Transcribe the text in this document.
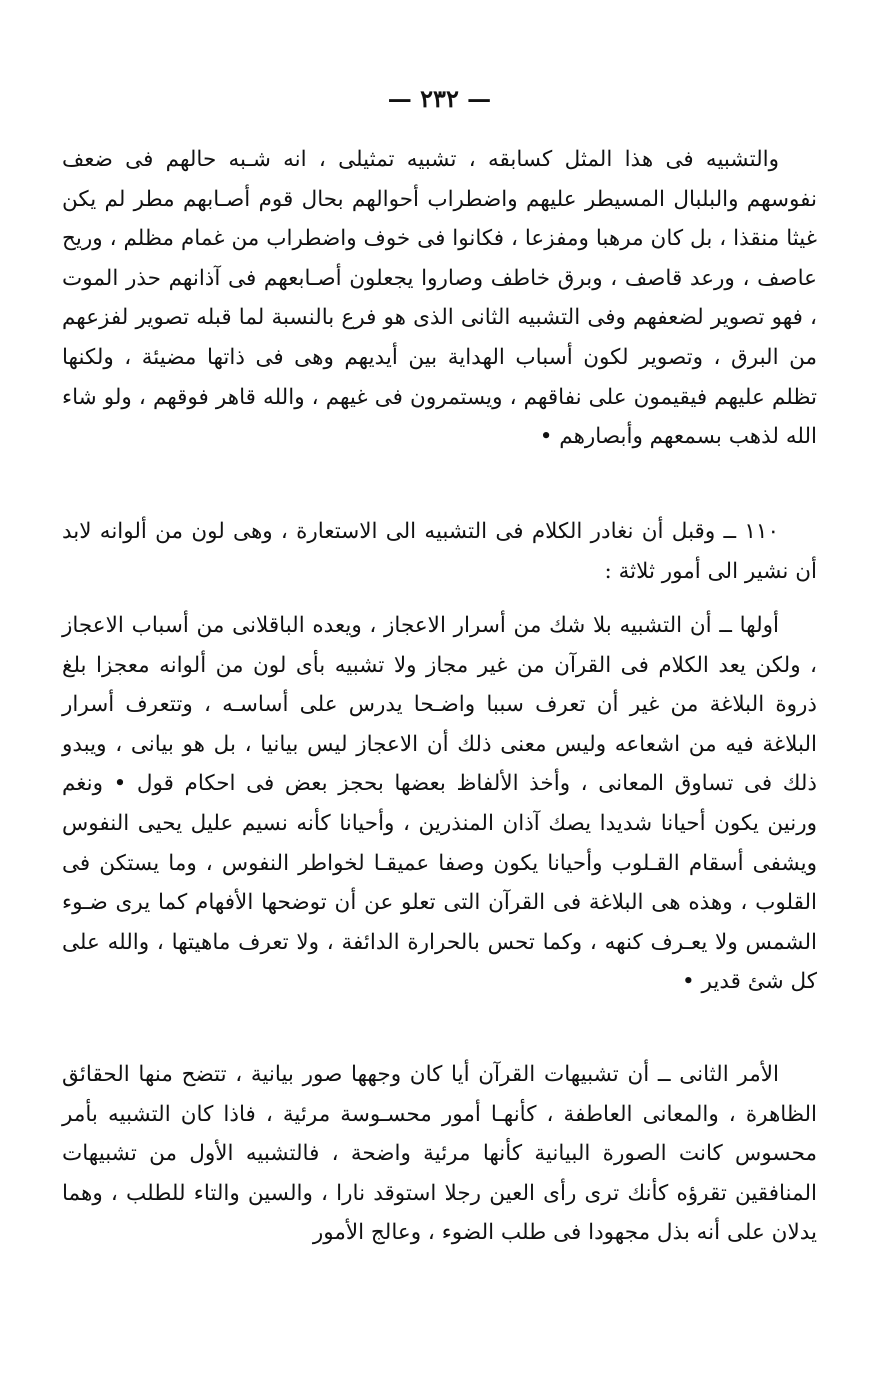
— ٢٣٢ —

والتشبيه فى هذا المثل كسابقه ، تشبيه تمثيلى ، انه شـبه حالهم فى ضعف نفوسهم والبلبال المسيطر عليهم واضطراب أحوالهم بحال قوم أصـابهم مطر لم يكن غيثا منقذا ، بل كان مرهبا ومفزعا ، فكانوا فى خوف واضطراب من غمام مظلم ، وريح عاصف ، ورعد قاصف ، وبرق خاطف وصاروا يجعلون أصـابعهم فى آذانهم حذر الموت ، فهو تصوير لضعفهم وفى التشبيه الثانى الذى هو فرع بالنسبة لما قبله تصوير لفزعهم من البرق ، وتصوير لكون أسباب الهداية بين أيديهم وهى فى ذاتها مضيئة ، ولكنها تظلم عليهم فيقيمون على نفاقهم ، ويستمرون فى غيهم ، والله قاهر فوقهم ، ولو شاء الله لذهب بسمعهم وأبصارهم •

١١٠ ــ وقبل أن نغادر الكلام فى التشبيه الى الاستعارة ، وهى لون من ألوانه لابد أن نشير الى أمور ثلاثة :

أولها ــ أن التشبيه بلا شك من أسرار الاعجاز ، ويعده الباقلانى من أسباب الاعجاز ، ولكن يعد الكلام فى القرآن من غير مجاز ولا تشبيه بأى لون من ألوانه معجزا بلغ ذروة البلاغة من غير أن تعرف سببا واضـحا يدرس على أساسـه ، وتتعرف أسرار البلاغة فيه من اشعاعه وليس معنى ذلك أن الاعجاز ليس بيانيا ، بل هو بيانى ، ويبدو ذلك فى تساوق المعانى ، وأخذ الألفاظ بعضها بحجز بعض فى احكام قول • ونغم ورنين يكون أحيانا شديدا يصك آذان المنذرين ، وأحيانا كأنه نسيم عليل يحيى النفوس ويشفى أسقام القـلوب وأحيانا يكون وصفا عميقـا لخواطر النفوس ، وما يستكن فى القلوب ، وهذه هى البلاغة فى القرآن التى تعلو عن أن توضحها الأفهام كما يرى ضـوء الشمس ولا يعـرف كنهه ، وكما تحس بالحرارة الدائفة ، ولا تعرف ماهيتها ، والله على كل شئ قدير •

الأمر الثانى ــ أن تشبيهات القرآن أيا كان وجهها صور بيانية ، تتضح منها الحقائق الظاهرة ، والمعانى العاطفة ، كأنهـا أمور محسـوسة مرئية ، فاذا كان التشبيه بأمر محسوس كانت الصورة البيانية كأنها مرئية واضحة ، فالتشبيه الأول من تشبيهات المنافقين تقرؤه كأنك ترى رأى العين رجلا استوقد نارا ، والسين والتاء للطلب ، وهما يدلان على أنه بذل مجهودا فى طلب الضوء ، وعالج الأمور
